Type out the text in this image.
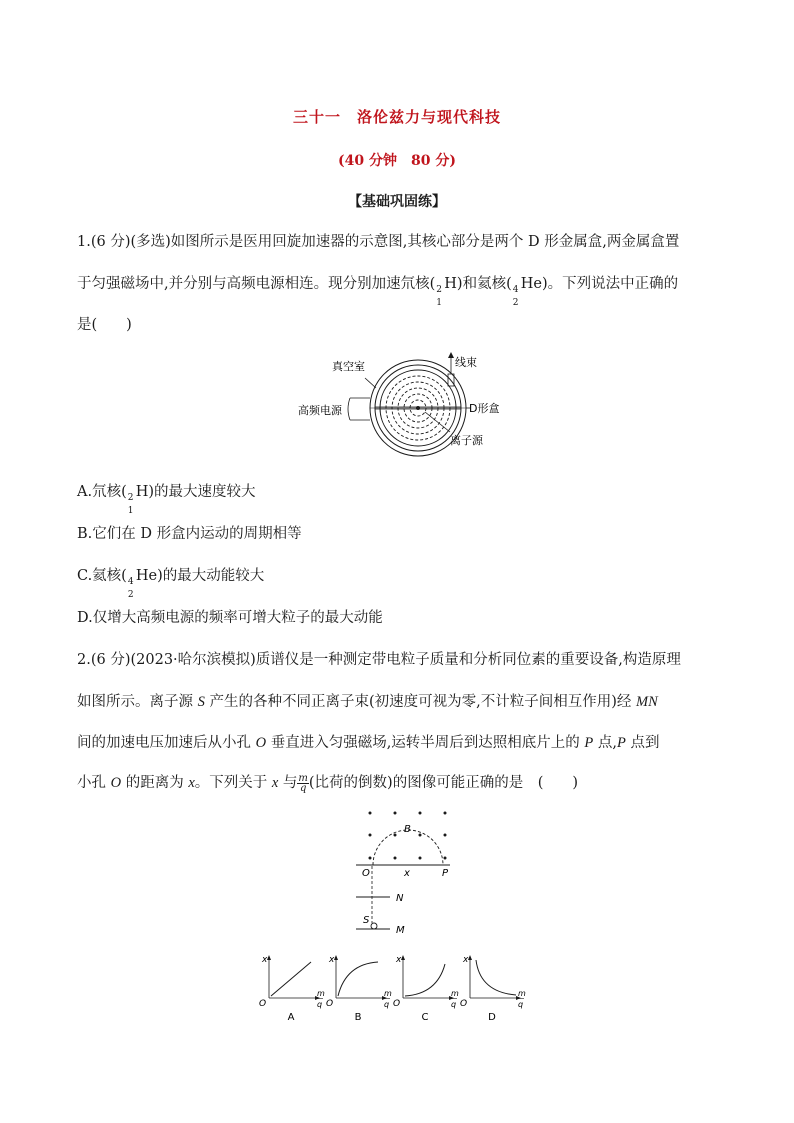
三十一　洛伦兹力与现代科技
(40 分钟　80 分)
【基础巩固练】
1.(6 分)(多选)如图所示是医用回旋加速器的示意图,其核心部分是两个 D 形金属盒,两金属盒置
于匀强磁场中,并分别与高频电源相连。现分别加速氘核( 2
1
H)和氦核( 4
2
He)。下列说法中正确的
是(　　)
真空室	线束
高频电源	D形盒
离子源
A.氘核( 2
1
H)的最大速度较大
B.它们在 D 形盒内运动的周期相等
C.氦核( 4
2
He)的最大动能较大
D.仅增大高频电源的频率可增大粒子的最大动能
2.(6 分)(2023·哈尔滨模拟)质谱仪是一种测定带电粒子质量和分析同位素的重要设备,构造原理
如图所示。离子源 S 产生的各种不同正离子束(初速度可视为零,不计粒子间相互作用)经 MN
间的加速电压加速后从小孔 O 垂直进入匀强磁场,运转半周后到达照相底片上的 P 点,P 点到
小孔 O 的距离为 x。下列关于 x 与 $\frac{m}{q}$ (比荷的倒数)的图像可能正确的是　(　　)
B
O	P
x
N
S
M
x
O
m
q
A
x
O
m
q
B
x
O
m
q
C
x
O
m
q
D
